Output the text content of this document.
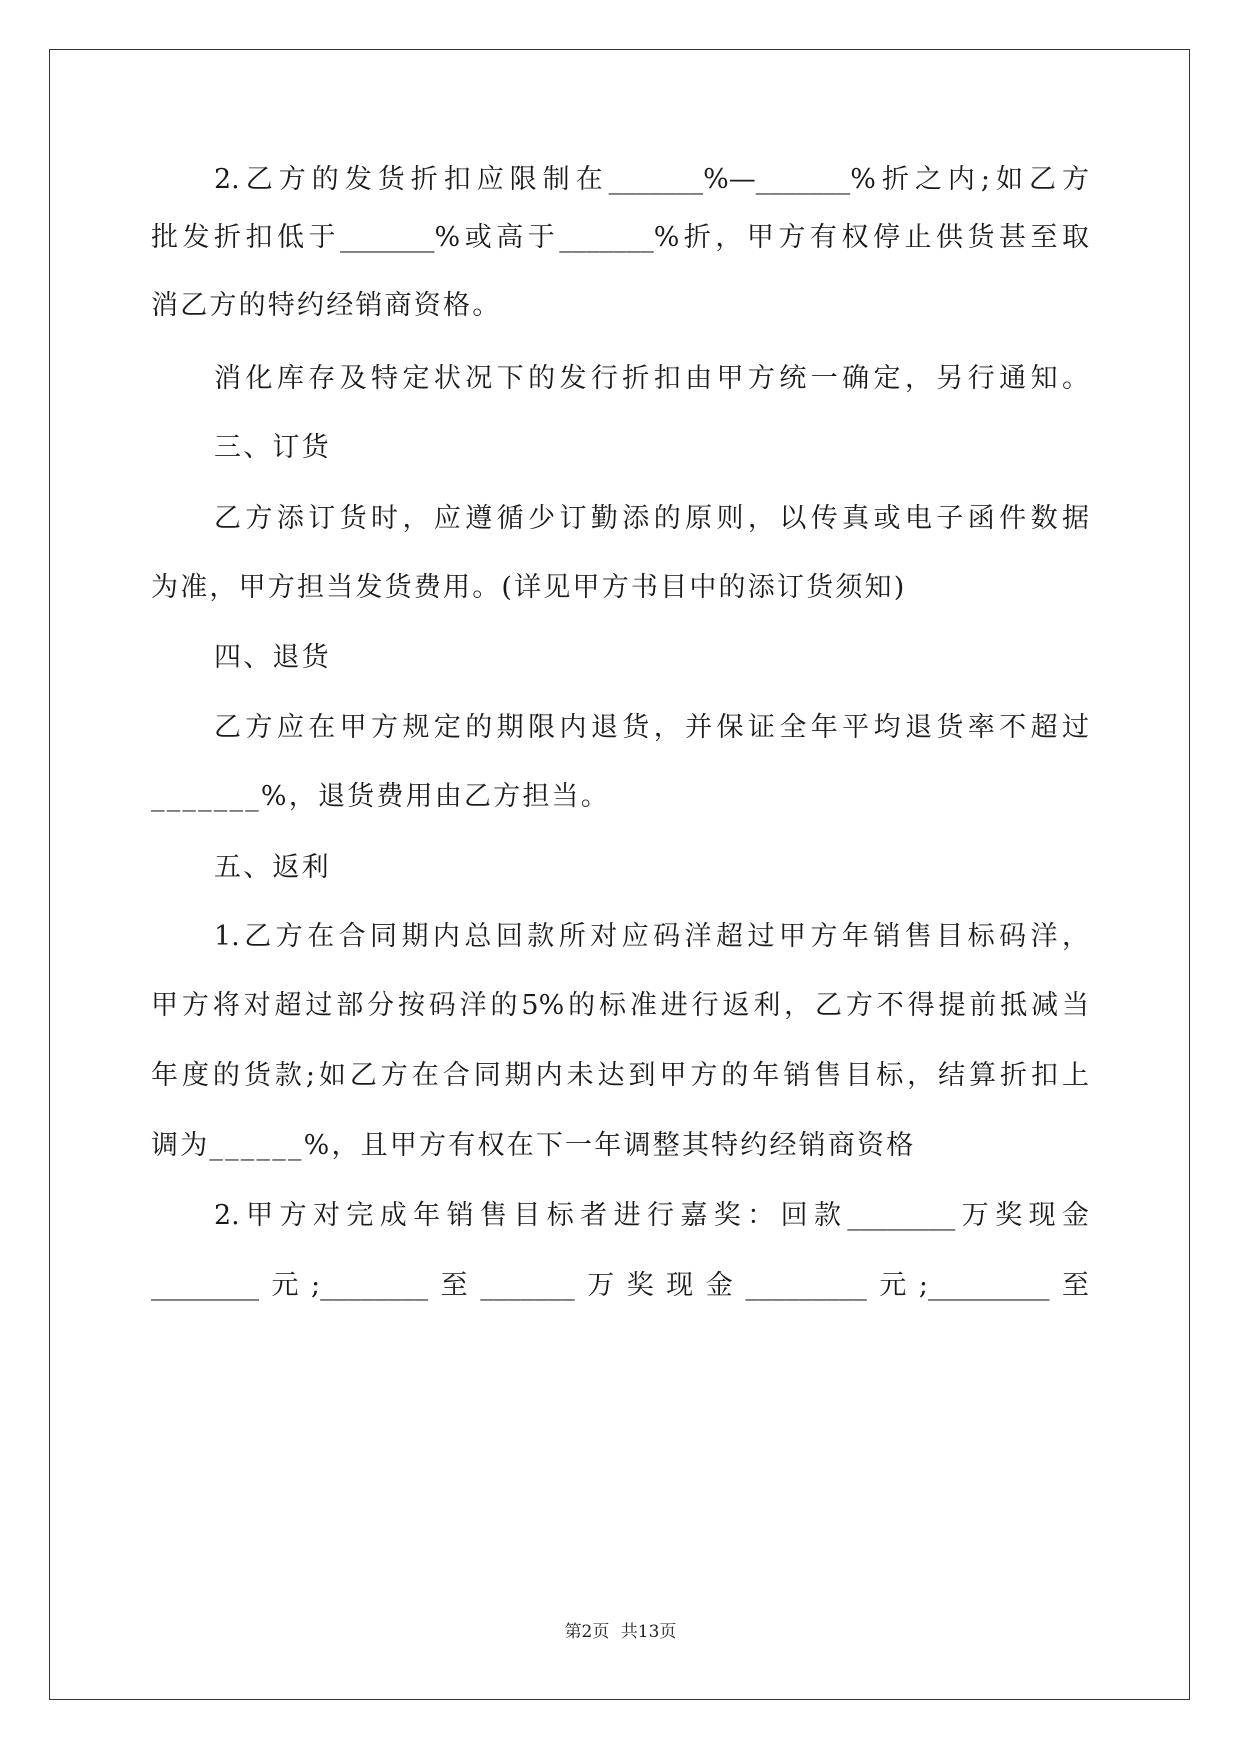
2.乙方的发货折扣应限制在_______%—_______%折之内;如乙方
批发折扣低于_______%或高于_______%折，甲方有权停止供货甚至取
消乙方的特约经销商资格。
消化库存及特定状况下的发行折扣由甲方统一确定，另行通知。
三、订货
乙方添订货时，应遵循少订勤添的原则，以传真或电子函件数据
为准，甲方担当发货费用。(详见甲方书目中的添订货须知)
四、退货
乙方应在甲方规定的期限内退货，并保证全年平均退货率不超过
_______%，退货费用由乙方担当。
五、返利
1.乙方在合同期内总回款所对应码洋超过甲方年销售目标码洋，
甲方将对超过部分按码洋的5%的标准进行返利，乙方不得提前抵减当
年度的货款;如乙方在合同期内未达到甲方的年销售目标，结算折扣上
调为______%，且甲方有权在下一年调整其特约经销商资格
2.甲方对完成年销售目标者进行嘉奖：回款________万奖现金
________元;________至_______万奖现金_________元;_________至
第2页 共13页
